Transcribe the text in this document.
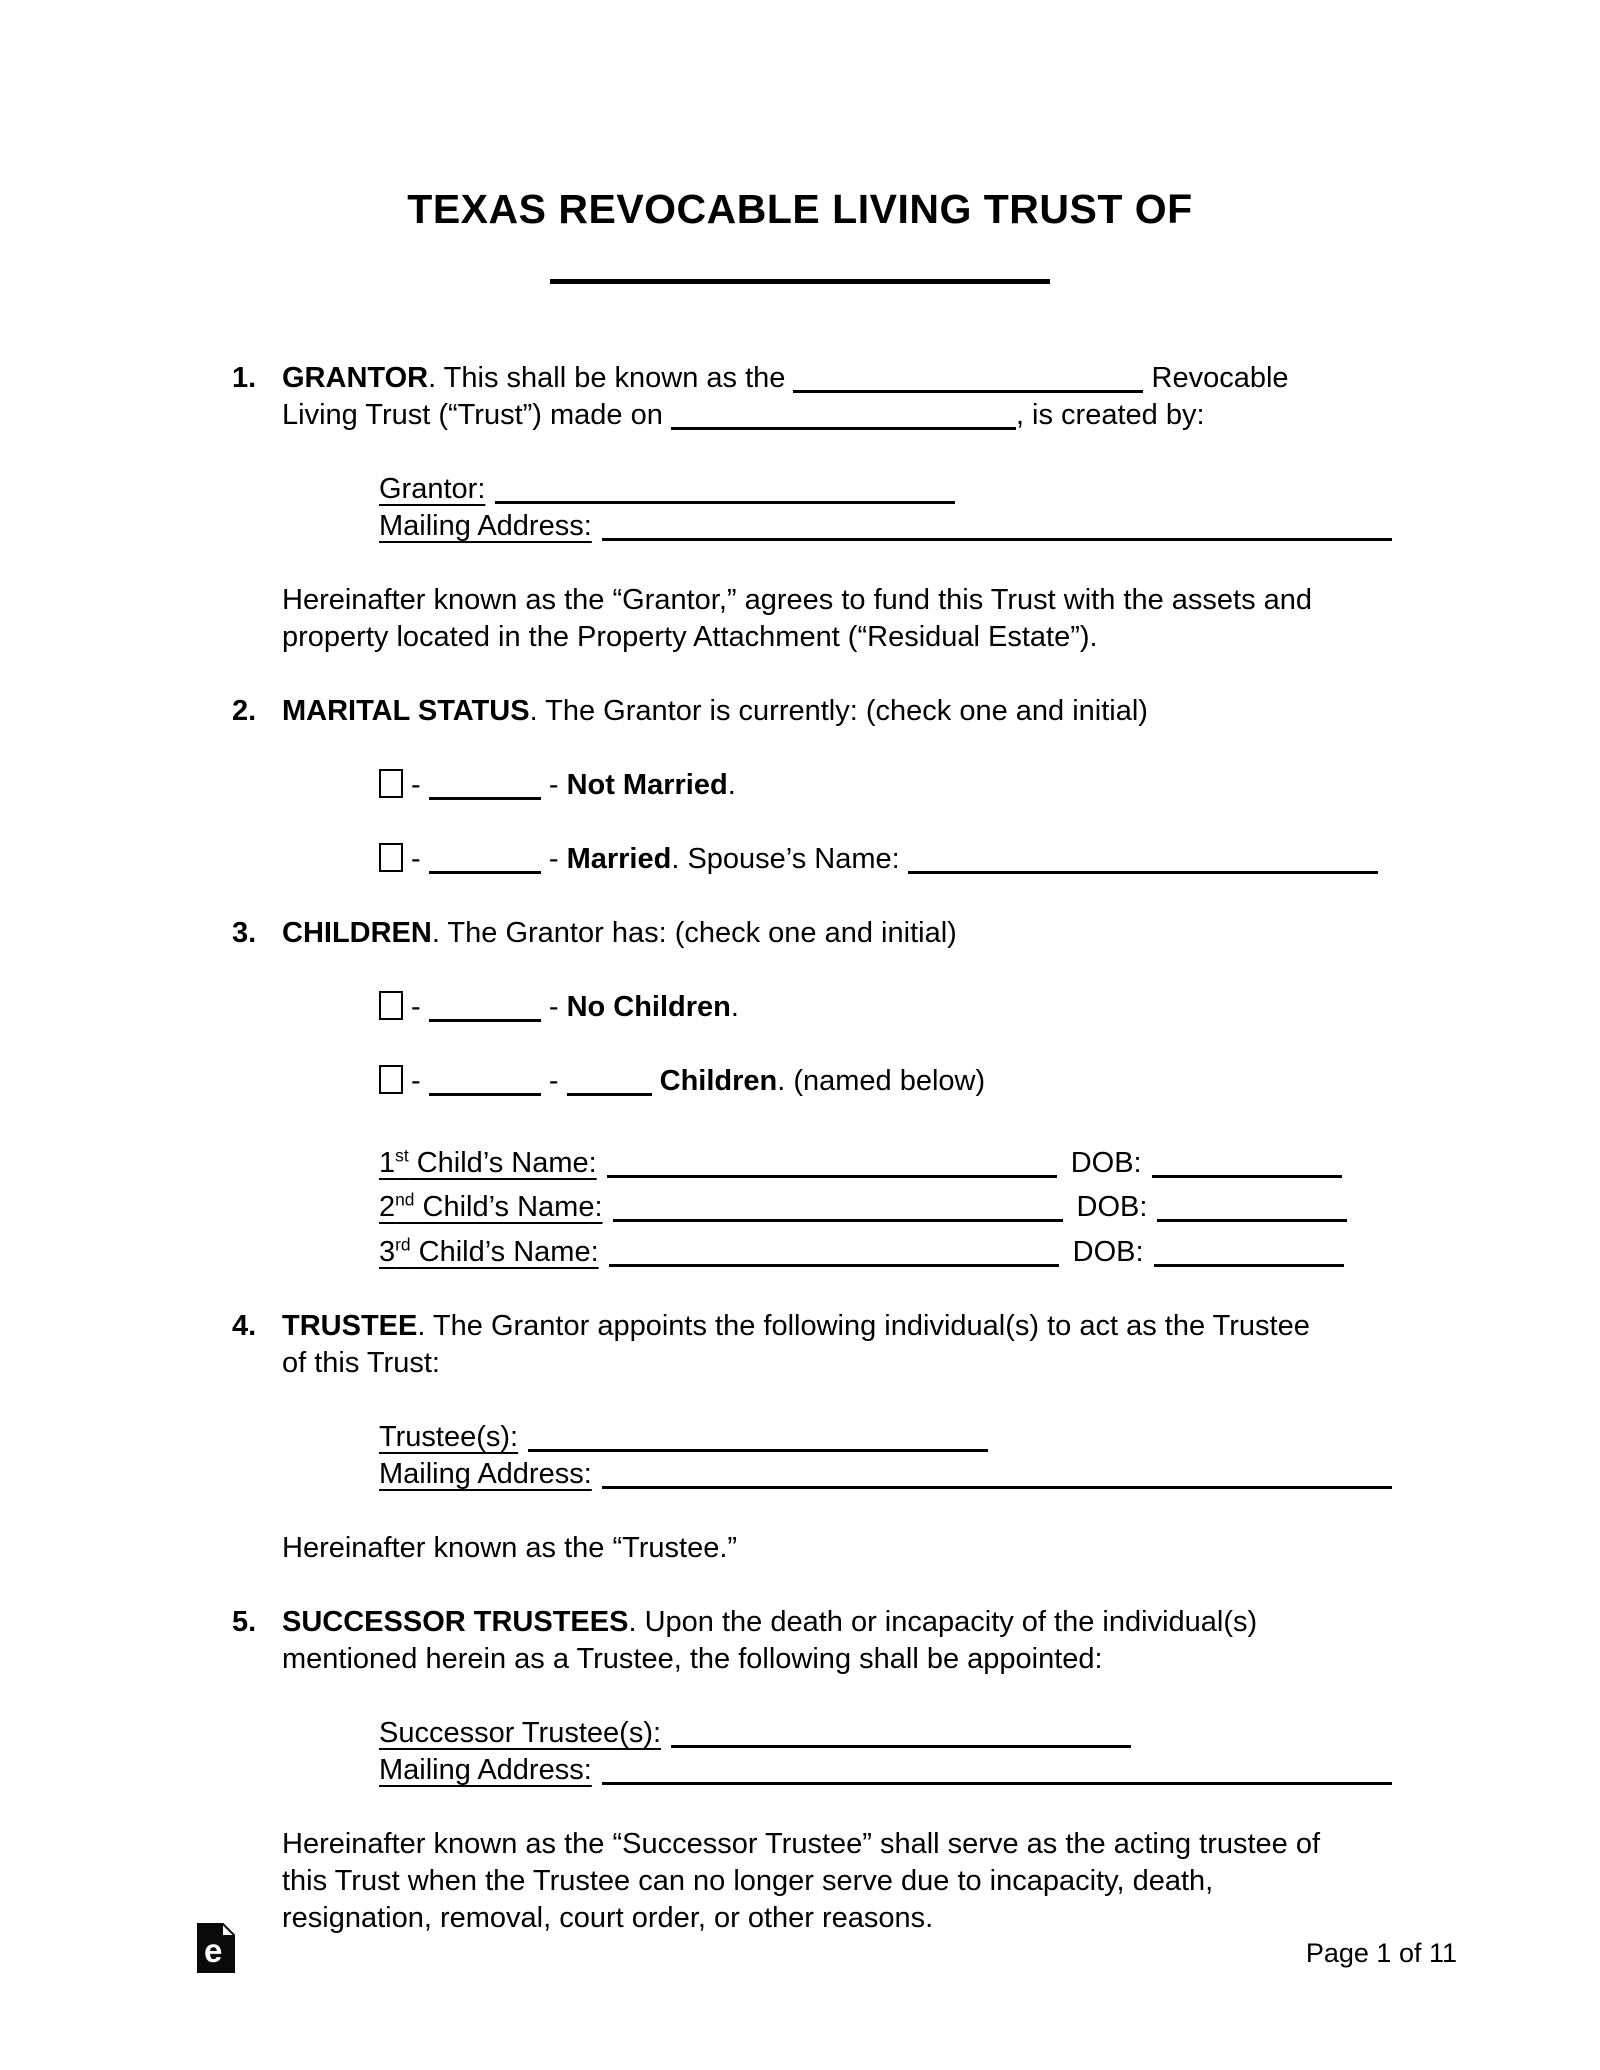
TEXAS REVOCABLE LIVING TRUST OF
1. GRANTOR. This shall be known as the	Revocable
Living Trust (“Trust”) made on	, is created by:
Grantor:
Mailing Address:
Hereinafter known as the “Grantor,” agrees to fund this Trust with the assets and
property located in the Property Attachment (“Residual Estate”).
2. MARITAL STATUS. The Grantor is currently: (check one and initial)
-	- Not Married.
-	- Married. Spouse’s Name:
3. CHILDREN. The Grantor has: (check one and initial)
-	- No Children.
-	-	Children. (named below)
1st Child’s Name:	DOB:
2nd Child’s Name:	DOB:
3rd Child’s Name:	DOB:
4. TRUSTEE. The Grantor appoints the following individual(s) to act as the Trustee
of this Trust:
Trustee(s):
Mailing Address:
Hereinafter known as the “Trustee.”
5. SUCCESSOR TRUSTEES. Upon the death or incapacity of the individual(s)
mentioned herein as a Trustee, the following shall be appointed:
Successor Trustee(s):
Mailing Address:
Hereinafter known as the “Successor Trustee” shall serve as the acting trustee of
this Trust when the Trustee can no longer serve due to incapacity, death,
resignation, removal, court order, or other reasons.
e	Page 1 of 11
